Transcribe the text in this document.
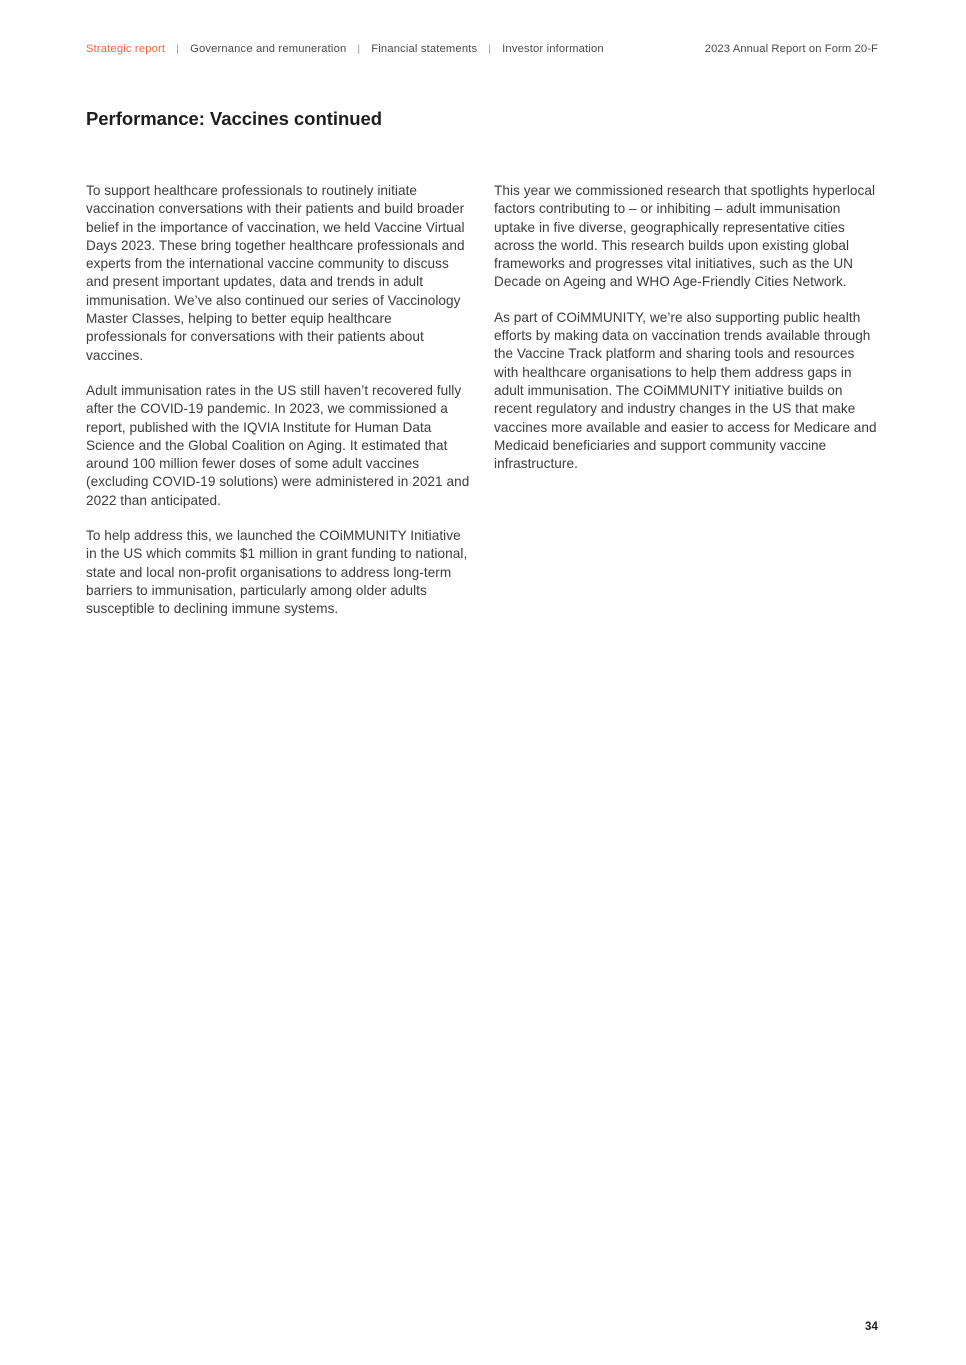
Strategic report	| Governance and remuneration	| Financial statements	| Investor information	2023 Annual Report on Form 20-F
Performance: Vaccines continued

To support healthcare professionals to routinely initiate vaccination conversations with their patients and build broader belief in the importance of vaccination, we held Vaccine Virtual Days 2023. These bring together healthcare professionals and experts from the international vaccine community to discuss and present important updates, data and trends in adult immunisation. We’ve also continued our series of Vaccinology Master Classes, helping to better equip healthcare professionals for conversations with their patients about vaccines.

Adult immunisation rates in the US still haven’t recovered fully after the COVID-19 pandemic. In 2023, we commissioned a report, published with the IQVIA Institute for Human Data Science and the Global Coalition on Aging. It estimated that around 100 million fewer doses of some adult vaccines (excluding COVID-19 solutions) were administered in 2021 and 2022 than anticipated.

To help address this, we launched the COiMMUNITY Initiative in the US which commits $1 million in grant funding to national, state and local non-profit organisations to address long-term barriers to immunisation, particularly among older adults susceptible to declining immune systems.

This year we commissioned research that spotlights hyperlocal factors contributing to – or inhibiting – adult immunisation uptake in five diverse, geographically representative cities across the world. This research builds upon existing global frameworks and progresses vital initiatives, such as the UN Decade on Ageing and WHO Age-Friendly Cities Network.

As part of COiMMUNITY, we’re also supporting public health efforts by making data on vaccination trends available through the Vaccine Track platform and sharing tools and resources with healthcare organisations to help them address gaps in adult immunisation. The COiMMUNITY initiative builds on recent regulatory and industry changes in the US that make vaccines more available and easier to access for Medicare and Medicaid beneficiaries and support community vaccine infrastructure.

34
